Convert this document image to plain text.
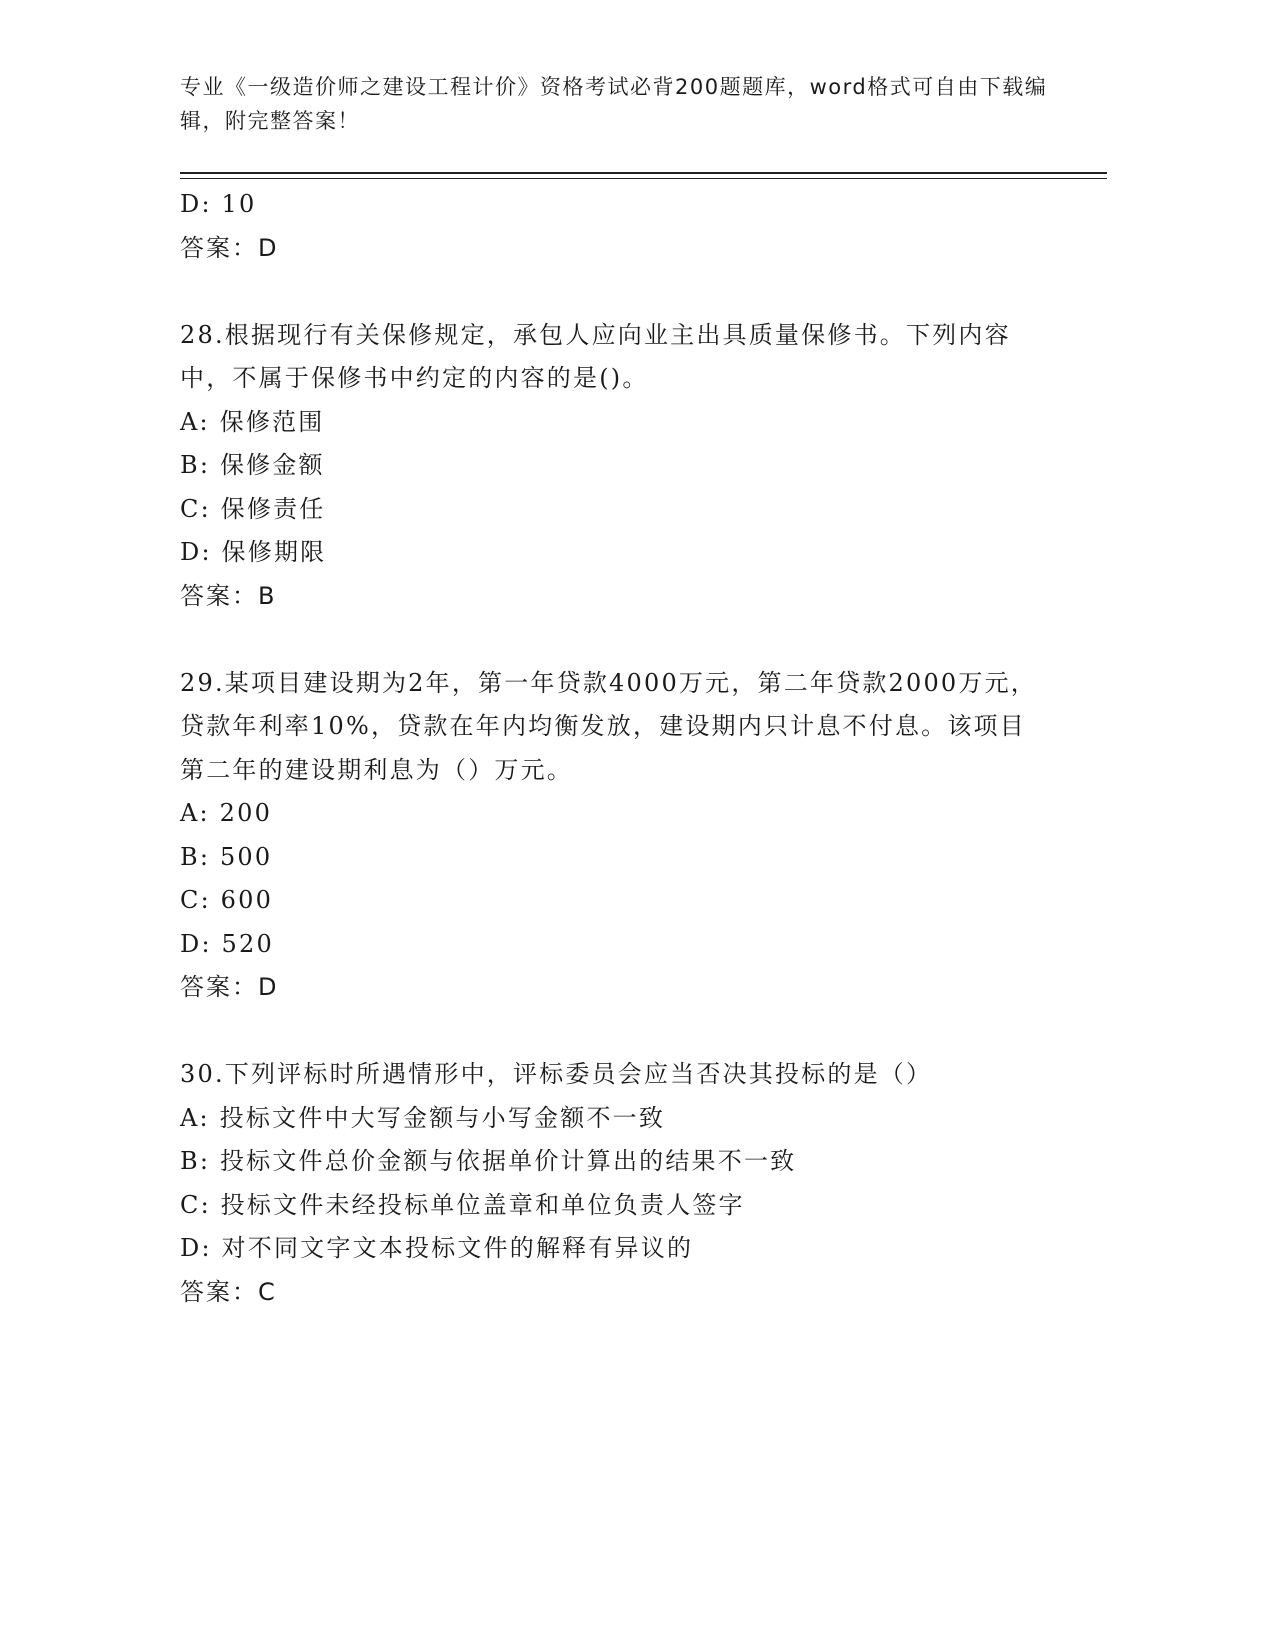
专业《一级造价师之建设工程计价》资格考试必背200题题库，word格式可自由下载编辑，附完整答案！
D: 10
答案：D
28.根据现行有关保修规定，承包人应向业主出具质量保修书。下列内容中，不属于保修书中约定的内容的是()。
A: 保修范围
B: 保修金额
C: 保修责任
D: 保修期限
答案：B
29.某项目建设期为2年，第一年贷款4000万元，第二年贷款2000万元，贷款年利率10%，贷款在年内均衡发放，建设期内只计息不付息。该项目第二年的建设期利息为（）万元。
A: 200
B: 500
C: 600
D: 520
答案：D
30.下列评标时所遇情形中，评标委员会应当否决其投标的是（）
A: 投标文件中大写金额与小写金额不一致
B: 投标文件总价金额与依据单价计算出的结果不一致
C: 投标文件未经投标单位盖章和单位负责人签字
D: 对不同文字文本投标文件的解释有异议的
答案：C
